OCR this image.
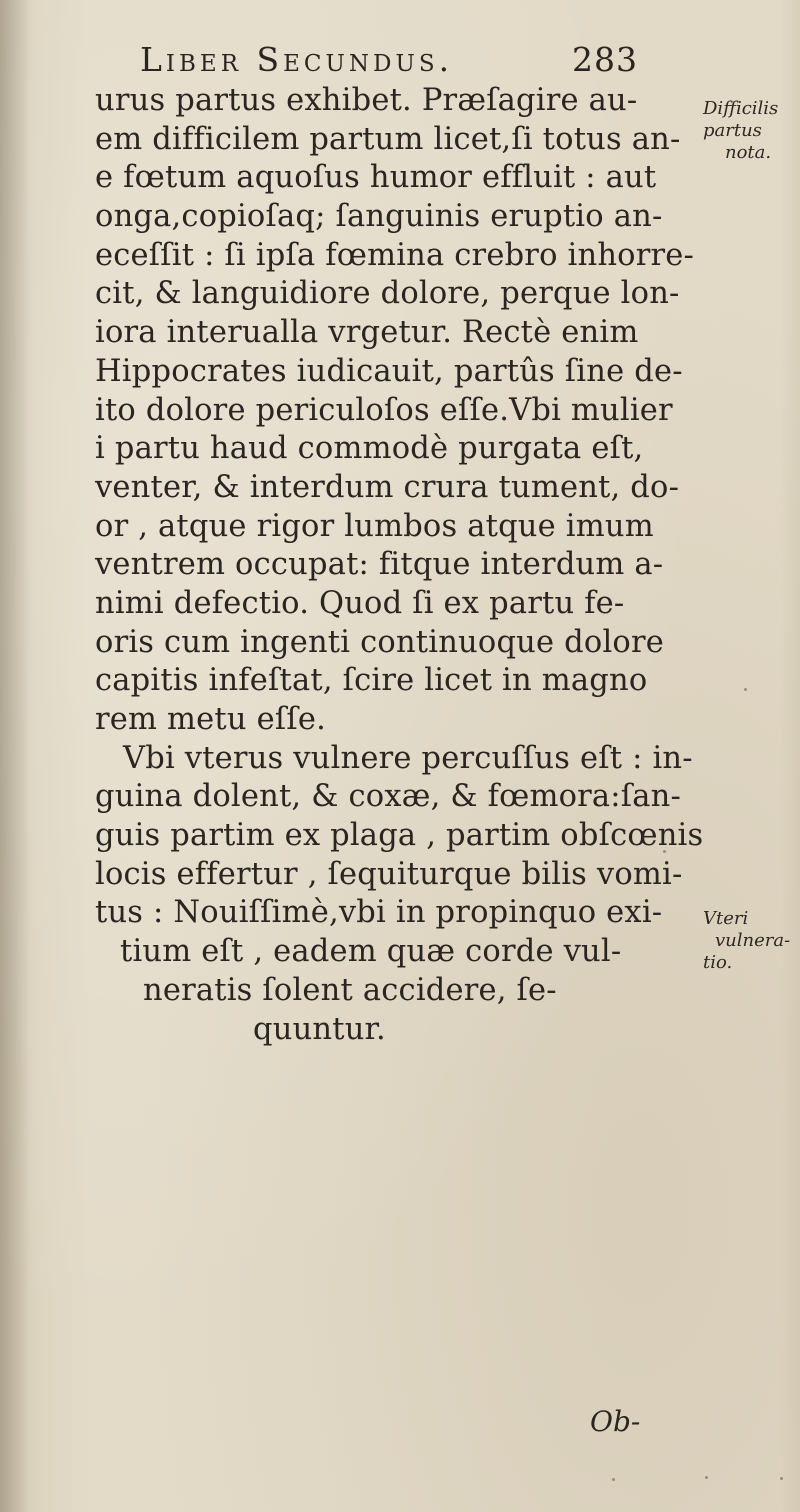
Liber Secundus.	283
urus partus exhibet. Præſagire au-
em difficilem partum licet,ſi totus an-
e fœtum aquoſus humor effluit : aut
onga,copioſaq; ſanguinis eruptio an-
eceſſit : ſi ipſa fœmina crebro inhorre-
cit, & languidiore dolore, perque lon-
iora interualla vrgetur. Rectè enim
Hippocrates iudicauit, partûs ſine de-
ito dolore periculoſos eſſe.Vbi mulier
i partu haud commodè purgata eſt,
venter, & interdum crura tument, do-
or , atque rigor lumbos atque imum
ventrem occupat: fitque interdum a-
nimi defectio. Quod ſi ex partu fe-
oris cum ingenti continuoque dolore
capitis infeſtat, ſcire licet in magno
rem metu eſſe.
Vbi vterus vulnere percuſſus eſt : in-
guina dolent, & coxæ, & fœmora:ſan-
guis partim ex plaga , partim obſcœnis
locis effertur , ſequiturque bilis vomi-
tus : Nouiſſimè,vbi in propinquo exi-
tium eſt , eadem quæ corde vul-
neratis ſolent accidere, ſe-
quuntur.
Difficilis
partus
nota.
Vteri
vulnera-
tio.
Ob-
